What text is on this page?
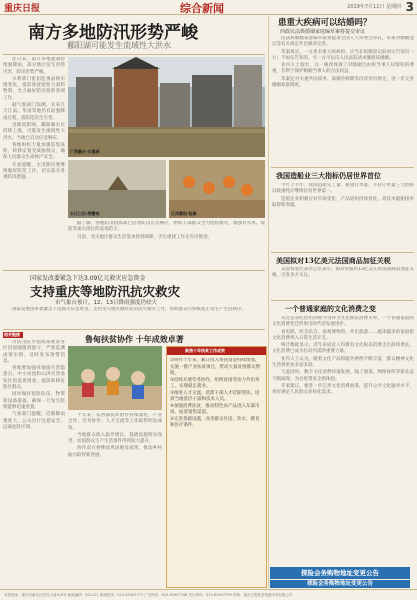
重庆日报	综合新闻	2019年7月11日 星期四 3
南方多地防汛形势严峻
鄱阳湖可能发生流域性大洪水

连日来，南方多地遭遇持续强降雨，部分地区发生洪涝灾害，防汛形势严峻。

水利部门密切监视雨情水情变化，提前预置抢险力量和物资，全力做好防汛抢险各项工作。

据气象部门预测，未来几天江南、华南等地仍有较强降雨过程，需防范次生灾害。

受降雨影响，鄱阳湖水位持续上涨，可能发生流域性大洪水，当地已启动应急响应。

各地组织力量加强巡堤查险，转移安置受威胁群众，确保人民群众生命财产安全。

专家提醒，主汛期内要继续做好防范工作，切实落实各项防汛措施。

广西融水·水淹城
长江口沿·闸警戒	江西鄱阳·抢修

据了解，各地防汛指挥部已启动防汛应急响应，组织干部群众全力抢险救灾，加强对水库、堤防等重点部位的巡查防守。

目前，受灾地区群众生活基本得到保障，灾后重建工作正有序推进。

患重大疾病可以结婚吗？
西政民法典婚姻家庭编草案将提交审议

民法典婚姻家庭编草案将提请全国人大常委会审议，草案对婚姻登记等有关规定作出修改完善。

草案规定，一方患有重大疾病的，应当在结婚登记前如实告知另一方；不如实告知的，另一方可以向人民法院请求撤销该婚姻。

业内人士指出，这一修改体现了对婚姻自由和当事人知情权的尊重，有利于保护婚姻当事人的合法权益。

草案还对夫妻共同债务、离婚冷静期等内容作出规定，进一步完善婚姻家庭制度。

我国造船业三大指标仍居世界首位

今年上半年，我国造船完工量、新接订单量、手持订单量三大指标以载重吨计继续位居世界第一。

造船企业积极应对市场变化，产品结构持续优化，高技术船舶接单取得新突破。

美国拟对13亿美元法国商品加征关税

美国贸易代表办公室表示，拟对价值约13亿美元的法国商品加征关税，引发多方关注。

一个普通家庭的文化消费之变

从过去省吃俭用到如今舍得为文化娱乐消费买单，一个普通家庭的文化消费变迁折射出时代的发展进步。

看电影、听音乐会、参观博物馆、外出旅游……越来越多的家庭把文化消费列入日常生活开支。

统计数据显示，近年来居民人均教育文化娱乐消费支出持续增长，文化消费已成为拉动内需的重要力量。

业内人士认为，随着文化产品和服务供给不断丰富，群众精神文化生活将更加多姿多彩。

与此同时，数字文化消费快速发展，线上阅读、网络视听等新业态不断涌现，为百姓带来全新体验。

专家建议，要进一步完善文化消费政策，提升公共文化服务水平，更好满足人民群众多样化需求。

探险会务购物地址变更公告
探险会务购物地址变更公告
国家发改委紧急下达3.09亿元救灾应急资金
支持重庆等地防汛抗灾救灾
市气象台预计，12、13日降雨强度仍较大

国家发展改革委紧急下达救灾应急资金，支持受灾地区做好防汛抗灾救灾工作，帮助群众尽快恢复正常生产生活秩序。

相关链接

市防汛抗旱指挥部要求各区县加强值班值守，严密监测雨情水情，及时发布预警信息。

各地要加强对地质灾害隐患点、中小河流和山洪灾害易发区的巡查排查，提前转移危险区群众。

同时做好抢险队伍、物资和设备准备，确保一旦发生险情能够迅速处置。

气象部门提醒，近期降雨强度大，公众出行注意安全，远离危险区域。

鲁甸扶贫协作 十年成效卓著

十年来，东西部扶贫协作持续深化，产业合作、劳务协作、人才交流等工作取得明显成效。

当地群众收入稳步增长，基础设施明显改善，贫困群众生产生活条件得到较大提升。

协作双方将继续巩固脱贫成果，推动乡村振兴取得新进展。

聚焦十年扶贫工作成效
①协作十年来，累计投入帮扶资金持续增加，实施一批产业扶贫项目，带动大量贫困群众增收。
②持续开展劳务协作，组织贫困劳动力外出务工，实现稳定就业。
③推进人才交流，选派干部人才挂职帮扶，培训当地基层干部和技术人员。
④加强消费扶贫，推动特色农产品进入东部市场，拓宽销售渠道。
⑤完善基础设施，改善群众住房、饮水、教育和医疗条件。
本报地址：重庆市渝北区同茂大道416号 邮政编码：401121 新闻热线：023-63907777 广告热线：023-63907788 发行热线：023-63907709 印刷：重庆日报报业集团印务有限公司
